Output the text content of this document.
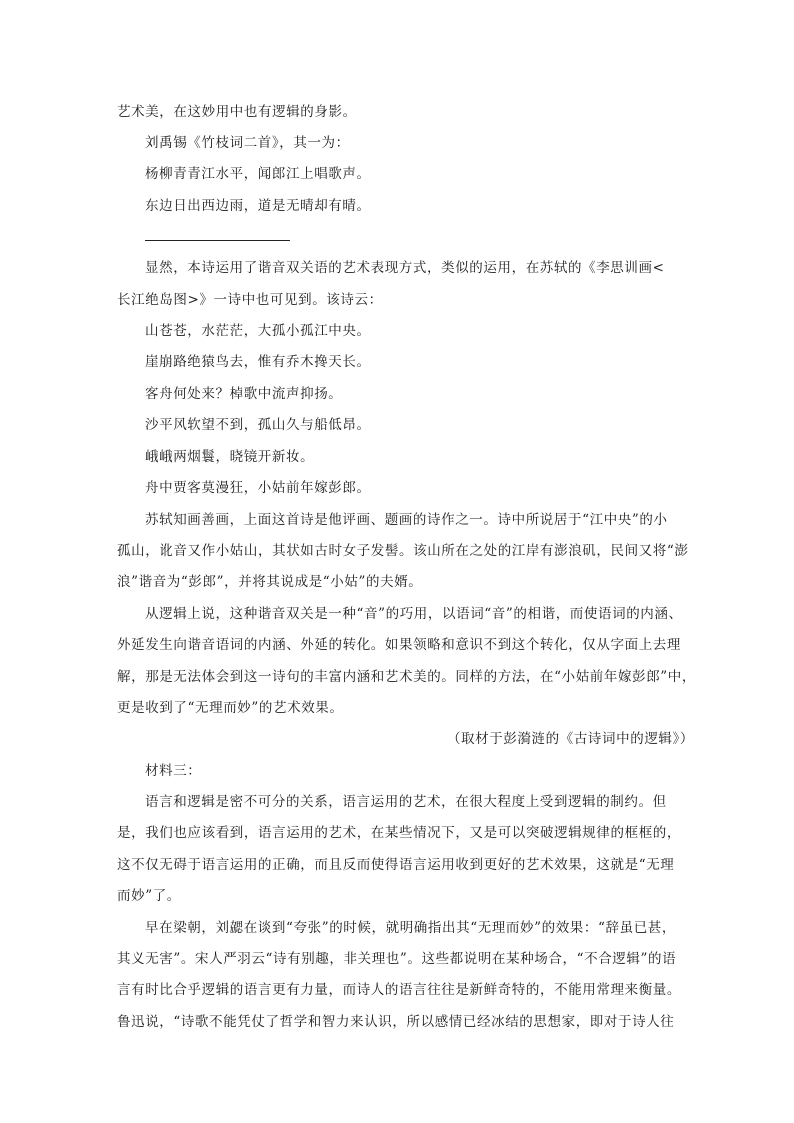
艺术美，在这妙用中也有逻辑的身影。
刘禹锡《竹枝词二首》，其一为：
杨柳青青江水平，闻郎江上唱歌声。
东边日出西边雨，道是无晴却有晴。
显然，本诗运用了谐音双关语的艺术表现方式，类似的运用，在苏轼的《李思训画<
长江绝岛图>》一诗中也可见到。该诗云：
山苍苍，水茫茫，大孤小孤江中央。
崖崩路绝猿鸟去，惟有乔木搀天长。
客舟何处来？棹歌中流声抑扬。
沙平风软望不到，孤山久与船低昂。
峨峨两烟鬟，晓镜开新妆。
舟中贾客莫漫狂，小姑前年嫁彭郎。
苏轼知画善画，上面这首诗是他评画、题画的诗作之一。诗中所说居于“江中央”的小
孤山，讹音又作小姑山，其状如古时女子发髻。该山所在之处的江岸有澎浪矶，民间又将“澎
浪”谐音为“彭郎”，并将其说成是“小姑”的夫婿。
从逻辑上说，这种谐音双关是一种“音”的巧用，以语词“音”的相谐，而使语词的内涵、
外延发生向谐音语词的内涵、外延的转化。如果领略和意识不到这个转化，仅从字面上去理
解，那是无法体会到这一诗句的丰富内涵和艺术美的。同样的方法，在“小姑前年嫁彭郎”中，
更是收到了“无理而妙”的艺术效果。
（取材于彭漪涟的《古诗词中的逻辑》）
材料三：
语言和逻辑是密不可分的关系，语言运用的艺术，在很大程度上受到逻辑的制约。但
是，我们也应该看到，语言运用的艺术，在某些情况下，又是可以突破逻辑规律的框框的，
这不仅无碍于语言运用的正确，而且反而使得语言运用收到更好的艺术效果，这就是“无理
而妙”了。
早在梁朝，刘勰在谈到“夸张”的时候，就明确指出其“无理而妙”的效果：“辞虽已甚，
其义无害”。宋人严羽云“诗有别趣，非关理也”。这些都说明在某种场合，“不合逻辑”的语
言有时比合乎逻辑的语言更有力量，而诗人的语言往往是新鲜奇特的，不能用常理来衡量。
鲁迅说，“诗歌不能凭仗了哲学和智力来认识，所以感情已经冰结的思想家，即对于诗人往
